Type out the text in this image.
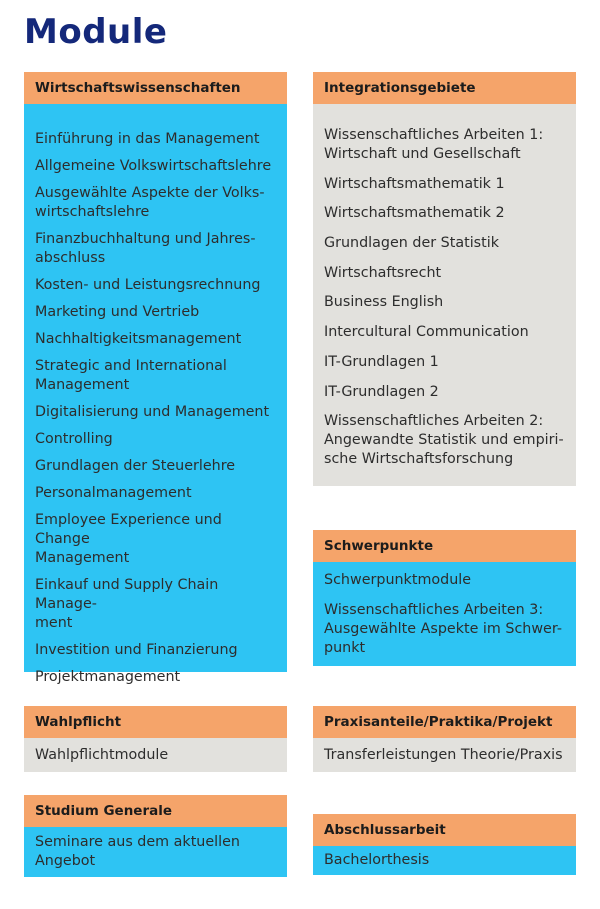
Module
Wirtschaftswissenschaften
Einführung in das Management
Allgemeine Volkswirtschaftslehre
Ausgewählte Aspekte der Volks-
wirtschaftslehre
Finanzbuchhaltung und Jahres-
abschluss
Kosten- und Leistungsrechnung
Marketing und Vertrieb
Nachhaltigkeitsmanagement
Strategic and International
Management
Digitalisierung und Management
Controlling
Grundlagen der Steuerlehre
Personalmanagement
Employee Experience und Change
Management
Einkauf und Supply Chain Manage-
ment
Investition und Finanzierung
Projektmanagement
Integrationsgebiete
Wissenschaftliches Arbeiten 1:
Wirtschaft und Gesellschaft
Wirtschaftsmathematik 1
Wirtschaftsmathematik 2
Grundlagen der Statistik
Wirtschaftsrecht
Business English
Intercultural Communication
IT-Grundlagen 1
IT-Grundlagen 2
Wissenschaftliches Arbeiten 2:
Angewandte Statistik und empiri-
sche Wirtschaftsforschung
Schwerpunkte
Schwerpunktmodule
Wissenschaftliches Arbeiten 3:
Ausgewählte Aspekte im Schwer-
punkt
Wahlpflicht
Wahlpflichtmodule
Praxisanteile/Praktika/Projekt
Transferleistungen Theorie/Praxis
Studium Generale
Seminare aus dem aktuellen
Angebot
Abschlussarbeit
Bachelorthesis
